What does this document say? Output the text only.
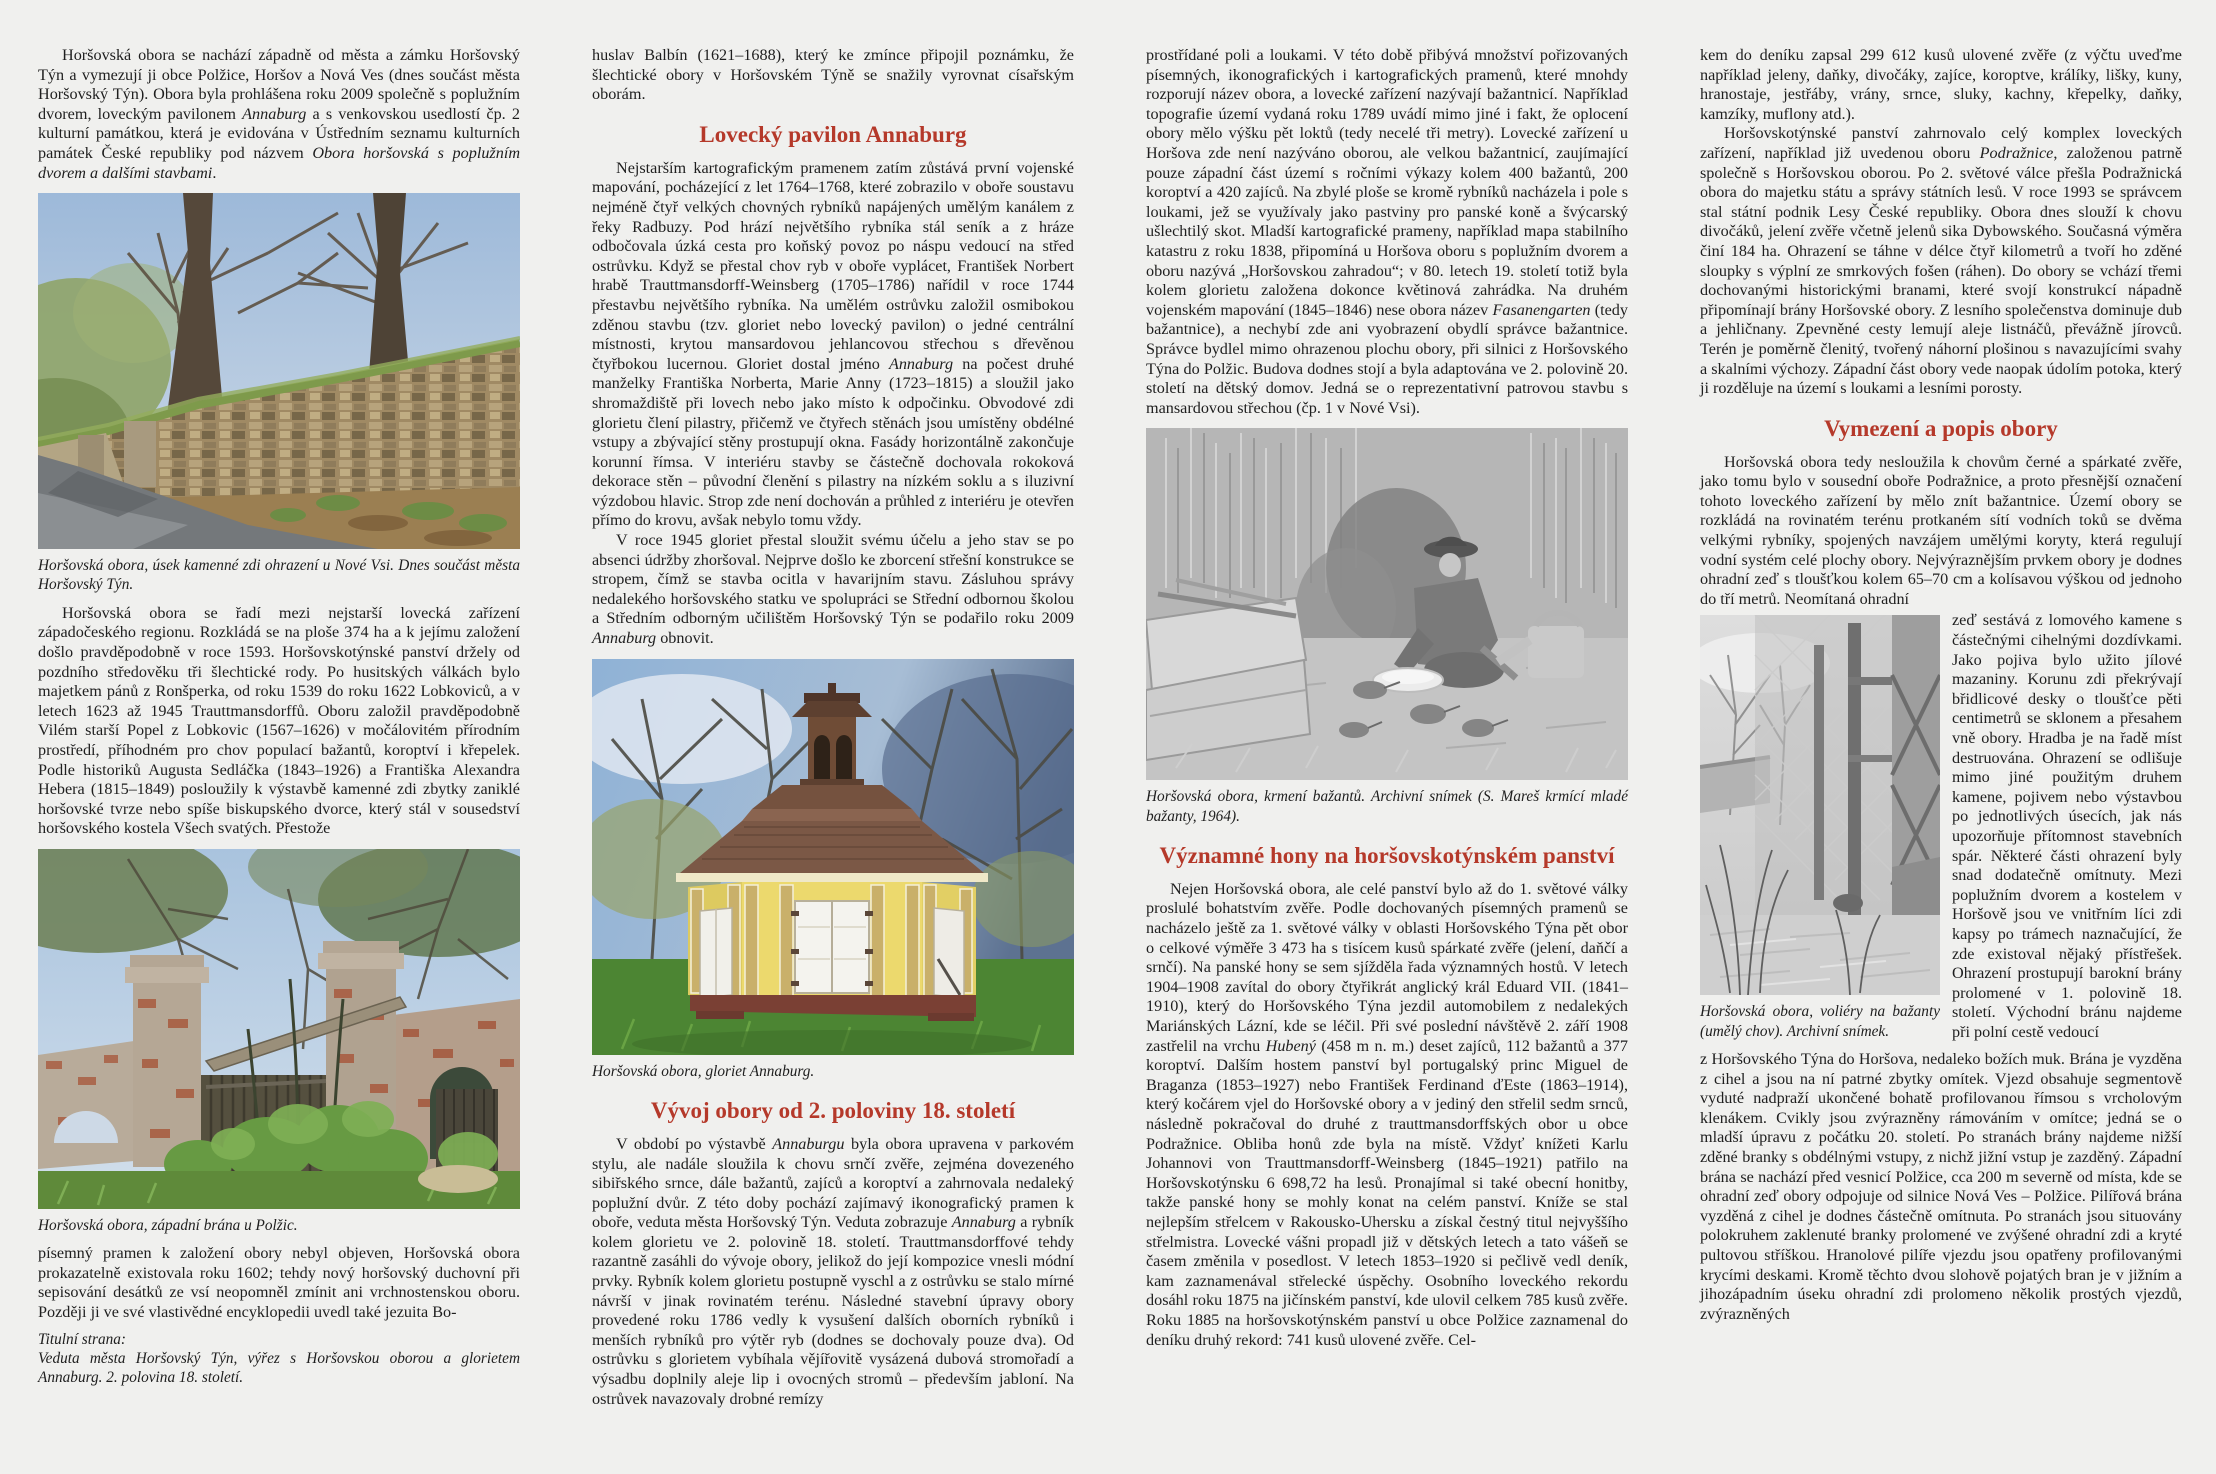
Horšovská obora se nachází západně od města a zámku Horšovský Týn a vymezují ji obce Polžice, Horšov a Nová Ves (dnes součást města Horšovský Týn). Obora byla prohlášena roku 2009 společně s poplužním dvorem, loveckým pavilonem Annaburg a s venkovskou usedlostí čp. 2 kulturní památkou, která je evidována v Ústředním seznamu kulturních památek České republiky pod názvem Obora horšovská s poplužním dvorem a dalšími stavbami.

Horšovská obora, úsek kamenné zdi ohrazení u Nové Vsi. Dnes součást města Horšovský Týn.

Horšovská obora se řadí mezi nejstarší lovecká zařízení západočeského regionu. Rozkládá se na ploše 374 ha a k jejímu založení došlo pravděpodobně v roce 1593. Horšovskotýnské panství držely od pozdního středověku tři šlechtické rody. Po husitských válkách bylo majetkem pánů z Ronšperka, od roku 1539 do roku 1622 Lobkoviců, a v letech 1623 až 1945 Trauttmansdorffů. Oboru založil pravděpodobně Vilém starší Popel z Lobkovic (1567–1626) v močálovitém přírodním prostředí, příhodném pro chov populací bažantů, koroptví i křepelek. Podle historiků Augusta Sedláčka (1843–1926) a Františka Alexandra Hebera (1815–1849) posloužily k výstavbě kamenné zdi zbytky zaniklé horšovské tvrze nebo spíše biskupského dvorce, který stál v sousedství horšovského kostela Všech svatých. Přestože

Horšovská obora, západní brána u Polžic.

písemný pramen k založení obory nebyl objeven, Horšovská obora prokazatelně existovala roku 1602; tehdy nový horšovský duchovní při sepisování desátků ze vsí neopomněl zmínit ani vrchnostenskou oboru. Později ji ve své vlastivědné encyklopedii uvedl také jezuita Bo-

Titulní strana:
Veduta města Horšovský Týn, výřez s Horšovskou oborou a glorietem Annaburg. 2. polovina 18. století.

huslav Balbín (1621–1688), který ke zmínce připojil poznámku, že šlechtické obory v Horšovském Týně se snažily vyrovnat císařským oborám.

Lovecký pavilon Annaburg

Nejstarším kartografickým pramenem zatím zůstává první vojenské mapování, pocházející z let 1764–1768, které zobrazilo v oboře soustavu nejméně čtyř velkých chovných rybníků napájených umělým kanálem z řeky Radbuzy. Pod hrází největšího rybníka stál seník a z hráze odbočovala úzká cesta pro koňský povoz po náspu vedoucí na střed ostrůvku. Když se přestal chov ryb v oboře vyplácet, František Norbert hrabě Trauttmansdorff-Weinsberg (1705–1786) nařídil v roce 1744 přestavbu největšího rybníka. Na umělém ostrůvku založil osmibokou zděnou stavbu (tzv. gloriet nebo lovecký pavilon) o jedné centrální místnosti, krytou mansardovou jehlancovou střechou s dřevěnou čtyřbokou lucernou. Gloriet dostal jméno Annaburg na počest druhé manželky Františka Norberta, Marie Anny (1723–1815) a sloužil jako shromaždiště při lovech nebo jako místo k odpočinku. Obvodové zdi glorietu člení pilastry, přičemž ve čtyřech stěnách jsou umístěny obdélné vstupy a zbývající stěny prostupují okna. Fasády horizontálně zakončuje korunní římsa. V interiéru stavby se částečně dochovala rokoková dekorace stěn – původní členění s pilastry na nízkém soklu a s iluzivní výzdobou hlavic. Strop zde není dochován a průhled z interiéru je otevřen přímo do krovu, avšak nebylo tomu vždy.

V roce 1945 gloriet přestal sloužit svému účelu a jeho stav se po absenci údržby zhoršoval. Nejprve došlo ke zborcení střešní konstrukce se stropem, čímž se stavba ocitla v havarijním stavu. Zásluhou správy nedalekého horšovského statku ve spolupráci se Střední odbornou školou a Středním odborným učilištěm Horšovský Týn se podařilo roku 2009 Annaburg obnovit.

Horšovská obora, gloriet Annaburg.

Vývoj obory od 2. poloviny 18. století

V období po výstavbě Annaburgu byla obora upravena v parkovém stylu, ale nadále sloužila k chovu srnčí zvěře, zejména dovezeného sibiřského srnce, dále bažantů, zajíců a koroptví a zahrnovala nedaleký poplužní dvůr. Z této doby pochází zajímavý ikonografický pramen k oboře, veduta města Horšovský Týn. Veduta zobrazuje Annaburg a rybník kolem glorietu ve 2. polovině 18. století. Trauttmansdorffové tehdy razantně zasáhli do vývoje obory, jelikož do její kompozice vnesli módní prvky. Rybník kolem glorietu postupně vyschl a z ostrůvku se stalo mírné návrší v jinak rovinatém terénu. Následné stavební úpravy obory provedené roku 1786 vedly k vysušení dalších oborních rybníků i menších rybníků pro výtěr ryb (dodnes se dochovaly pouze dva). Od ostrůvku s glorietem vybíhala vějířovitě vysázená dubová stromořadí a výsadbu doplnily aleje lip i ovocných stromů – především jabloní. Na ostrůvek navazovaly drobné remízy

prostřídané poli a loukami. V této době přibývá množství pořizovaných písemných, ikonografických i kartografických pramenů, které mnohdy rozporují název obora, a lovecké zařízení nazývají bažantnicí. Například topografie území vydaná roku 1789 uvádí mimo jiné i fakt, že oplocení obory mělo výšku pět loktů (tedy necelé tři metry). Lovecké zařízení u Horšova zde není nazýváno oborou, ale velkou bažantnicí, zaujímající pouze západní část území s ročními výkazy kolem 400 bažantů, 200 koroptví a 420 zajíců. Na zbylé ploše se kromě rybníků nacházela i pole s loukami, jež se využívaly jako pastviny pro panské koně a švýcarský ušlechtilý skot. Mladší kartografické prameny, například mapa stabilního katastru z roku 1838, připomíná u Horšova oboru s poplužním dvorem a oboru nazývá „Horšovskou zahradou“; v 80. letech 19. století totiž byla kolem glorietu založena dokonce květinová zahrádka. Na druhém vojenském mapování (1845–1846) nese obora název Fasanengarten (tedy bažantnice), a nechybí zde ani vyobrazení obydlí správce bažantnice. Správce bydlel mimo ohrazenou plochu obory, při silnici z Horšovského Týna do Polžic. Budova dodnes stojí a byla adaptována ve 2. polovině 20. století na dětský domov. Jedná se o reprezentativní patrovou stavbu s mansardovou střechou (čp. 1 v Nové Vsi).

Horšovská obora, krmení bažantů. Archivní snímek (S. Mareš krmící mladé bažanty, 1964).

Významné hony na horšovskotýnském panství

Nejen Horšovská obora, ale celé panství bylo až do 1. světové války proslulé bohatstvím zvěře. Podle dochovaných písemných pramenů se nacházelo ještě za 1. světové války v oblasti Horšovského Týna pět obor o celkové výměře 3 473 ha s tisícem kusů spárkaté zvěře (jelení, daňčí a srnčí). Na panské hony se sem sjížděla řada významných hostů. V letech 1904–1908 zavítal do obory čtyřikrát anglický král Eduard VII. (1841–1910), který do Horšovského Týna jezdil automobilem z nedalekých Mariánských Lázní, kde se léčil. Při své poslední návštěvě 2. září 1908 zastřelil na vrchu Hubený (458 m n. m.) deset zajíců, 112 bažantů a 377 koroptví. Dalším hostem panství byl portugalský princ Miguel de Braganza (1853–1927) nebo František Ferdinand ďEste (1863–1914), který kočárem vjel do Horšovské obory a v jediný den střelil sedm srnců, následně pokračoval do druhé z trauttmansdorffských obor u obce Podražnice. Obliba honů zde byla na místě. Vždyť knížeti Karlu Johannovi von Trauttmansdorff-Weinsberg (1845–1921) patřilo na Horšovskotýnsku 6 698,72 ha lesů. Pronajímal si také obecní honitby, takže panské hony se mohly konat na celém panství. Kníže se stal nejlepším střelcem v Rakousko-Uhersku a získal čestný titul nejvyššího střelmistra. Lovecké vášni propadl již v dětských letech a tato vášeň se časem změnila v posedlost. V letech 1853–1920 si pečlivě vedl deník, kam zaznamenával střelecké úspěchy. Osobního loveckého rekordu dosáhl roku 1875 na jičínském panství, kde ulovil celkem 785 kusů zvěře. Roku 1885 na horšovskotýnském panství u obce Polžice zaznamenal do deníku druhý rekord: 741 kusů ulovené zvěře. Cel-

kem do deníku zapsal 299 612 kusů ulovené zvěře (z výčtu uveďme například jeleny, daňky, divočáky, zajíce, koroptve, králíky, lišky, kuny, hranostaje, jestřáby, vrány, srnce, sluky, kachny, křepelky, daňky, kamzíky, muflony atd.).

Horšovskotýnské panství zahrnovalo celý komplex loveckých zařízení, například již uvedenou oboru Podražnice, založenou patrně společně s Horšovskou oborou. Po 2. světové válce přešla Podražnická obora do majetku státu a správy státních lesů. V roce 1993 se správcem stal státní podnik Lesy České republiky. Obora dnes slouží k chovu divočáků, jelení zvěře včetně jelenů sika Dybowského. Současná výměra činí 184 ha. Ohrazení se táhne v délce čtyř kilometrů a tvoří ho zděné sloupky s výplní ze smrkových fošen (ráhen). Do obory se vchází třemi dochovanými historickými branami, které svojí konstrukcí nápadně připomínají brány Horšovské obory. Z lesního společenstva dominuje dub a jehličnany. Zpevněné cesty lemují aleje listnáčů, převážně jírovců. Terén je poměrně členitý, tvořený náhorní plošinou s navazujícími svahy a skalními výchozy. Západní část obory vede naopak údolím potoka, který ji rozděluje na území s loukami a lesními porosty.

Vymezení a popis obory

Horšovská obora tedy nesloužila k chovům černé a spárkaté zvěře, jako tomu bylo v sousední oboře Podražnice, a proto přesnější označení tohoto loveckého zařízení by mělo znít bažantnice. Území obory se rozkládá na rovinatém terénu protkaném sítí vodních toků se dvěma velkými rybníky, spojených navzájem umělými koryty, která regulují vodní systém celé plochy obory. Nejvýraznějším prvkem obory je dodnes ohradní zeď s tloušťkou kolem 65–70 cm a kolísavou výškou od jednoho do tří metrů. Neomítaná ohradní

Horšovská obora, voliéry na bažanty (umělý chov). Archivní snímek.

zeď sestává z lomového kamene s částečnými cihelnými dozdívkami. Jako pojiva bylo užito jílové mazaniny. Korunu zdi překrývají břidlicové desky o tloušťce pěti centimetrů se sklonem a přesahem vně obory. Hradba je na řadě míst destruována. Ohrazení se odlišuje mimo jiné použitým druhem kamene, pojivem nebo výstavbou po jednotlivých úsecích, jak nás upozorňuje přítomnost stavebních spár. Některé části ohrazení byly snad dodatečně omítnuty. Mezi poplužním dvorem a kostelem v Horšově jsou ve vnitřním líci zdi kapsy po trámech naznačující, že zde existoval nějaký přístřešek. Ohrazení prostupují barokní brány prolomené v 1. polovině 18. století. Východní bránu najdeme při polní cestě vedoucí

z Horšovského Týna do Horšova, nedaleko božích muk. Brána je vyzděna z cihel a jsou na ní patrné zbytky omítek. Vjezd obsahuje segmentově vyduté nadpraží ukončené bohatě profilovanou římsou s vrcholovým klenákem. Cvikly jsou zvýrazněny rámováním v omítce; jedná se o mladší úpravu z počátku 20. století. Po stranách brány najdeme nižší zděné branky s obdélnými vstupy, z nichž jižní vstup je zazděný. Západní brána se nachází před vesnicí Polžice, cca 200 m severně od místa, kde se ohradní zeď obory odpojuje od silnice Nová Ves – Polžice. Pilířová brána vyzděná z cihel je dodnes částečně omítnuta. Po stranách jsou situovány polokruhem zaklenuté branky prolomené ve zvýšené ohradní zdi a kryté pultovou stříškou. Hranolové pilíře vjezdu jsou opatřeny profilovanými krycími deskami. Kromě těchto dvou slohově pojatých bran je v jižním a jihozápadním úseku ohradní zdi prolomeno několik prostých vjezdů, zvýrazněných
